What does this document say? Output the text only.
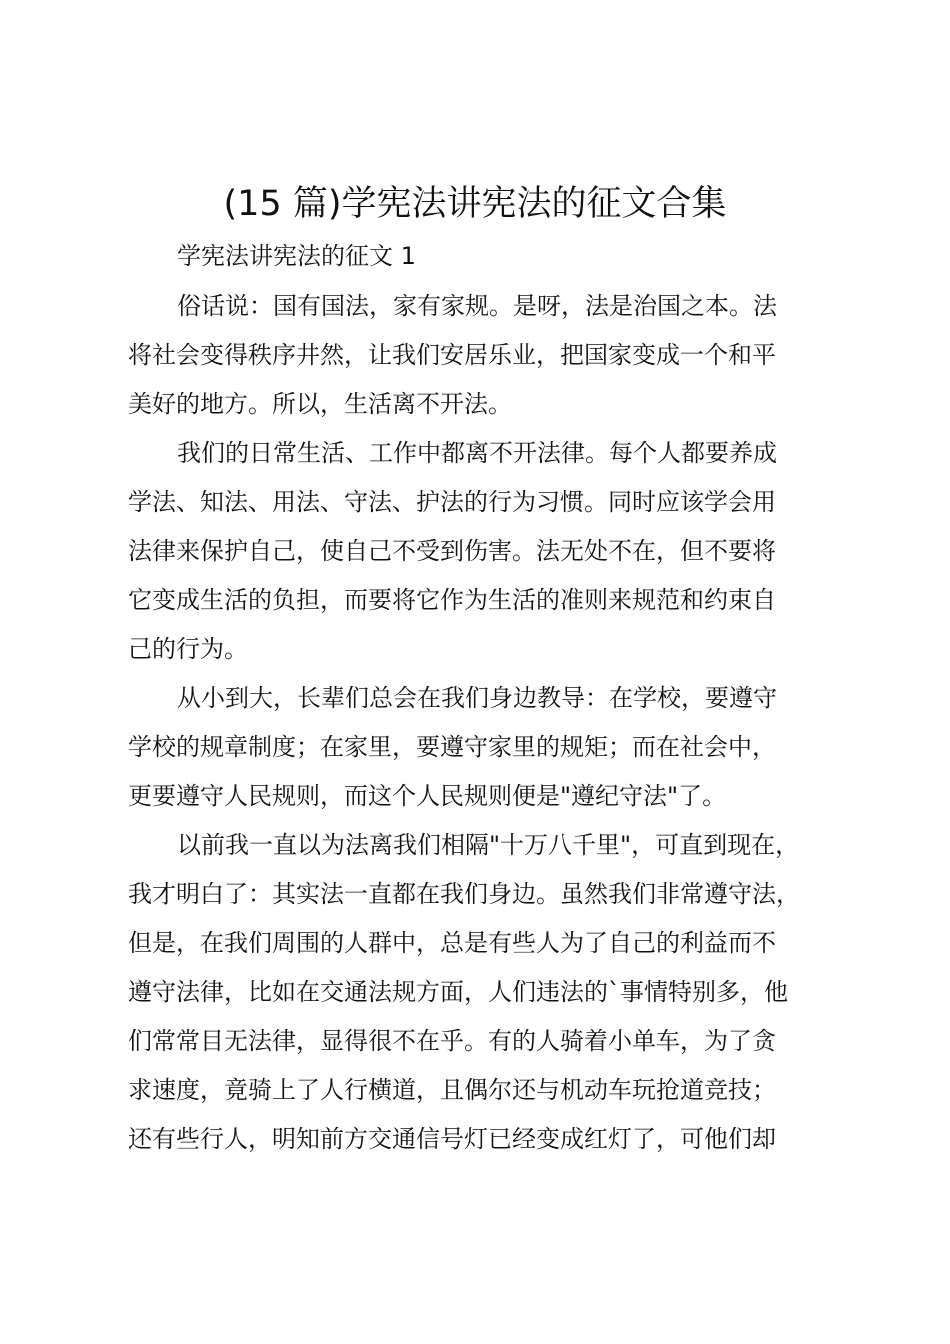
(15 篇)学宪法讲宪法的征文合集
学宪法讲宪法的征文 1
俗话说：国有国法，家有家规。是呀，法是治国之本。法
将社会变得秩序井然，让我们安居乐业，把国家变成一个和平
美好的地方。所以，生活离不开法。
我们的日常生活、工作中都离不开法律。每个人都要养成
学法、知法、用法、守法、护法的行为习惯。同时应该学会用
法律来保护自己，使自己不受到伤害。法无处不在，但不要将
它变成生活的负担，而要将它作为生活的准则来规范和约束自
己的行为。
从小到大，长辈们总会在我们身边教导：在学校，要遵守
学校的规章制度；在家里，要遵守家里的规矩；而在社会中，
更要遵守人民规则，而这个人民规则便是"遵纪守法"了。
以前我一直以为法离我们相隔"十万八千里"，可直到现在，
我才明白了：其实法一直都在我们身边。虽然我们非常遵守法，
但是，在我们周围的人群中，总是有些人为了自己的利益而不
遵守法律，比如在交通法规方面，人们违法的`事情特别多，他
们常常目无法律，显得很不在乎。有的人骑着小单车，为了贪
求速度，竟骑上了人行横道，且偶尔还与机动车玩抢道竞技；
还有些行人，明知前方交通信号灯已经变成红灯了，可他们却
